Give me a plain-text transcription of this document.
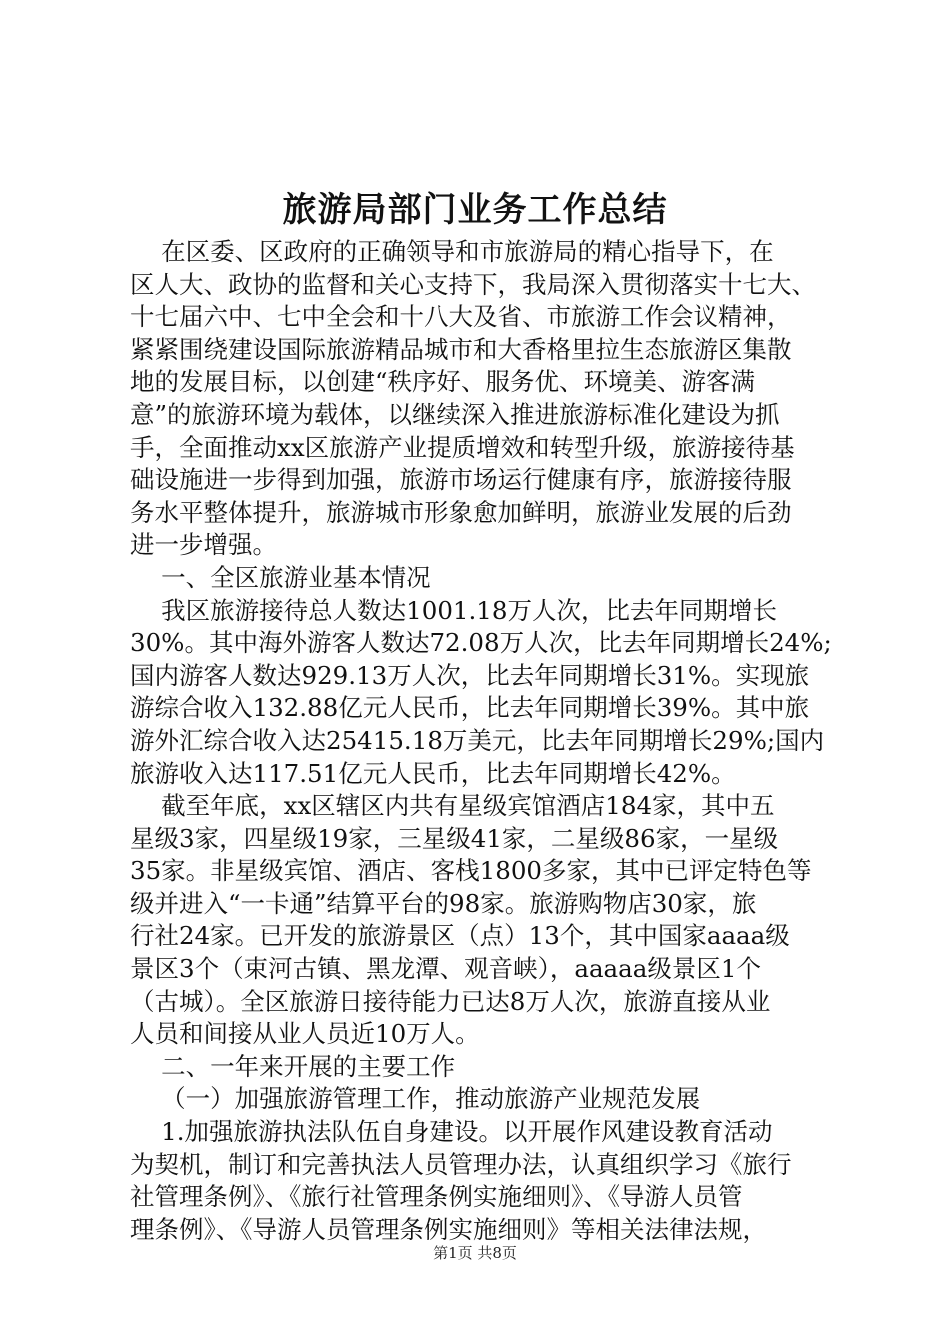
旅游局部门业务工作总结

在区委、区政府的正确领导和市旅游局的精心指导下，在

区人大、政协的监督和关心支持下，我局深入贯彻落实十七大、

十七届六中、七中全会和十八大及省、市旅游工作会议精神，

紧紧围绕建设国际旅游精品城市和大香格里拉生态旅游区集散

地的发展目标，以创建“秩序好、服务优、环境美、游客满

意”的旅游环境为载体，以继续深入推进旅游标准化建设为抓

手，全面推动xx区旅游产业提质增效和转型升级，旅游接待基

础设施进一步得到加强，旅游市场运行健康有序，旅游接待服

务水平整体提升，旅游城市形象愈加鲜明，旅游业发展的后劲

进一步增强。

一、全区旅游业基本情况

我区旅游接待总人数达1001.18万人次，比去年同期增长

30%。其中海外游客人数达72.08万人次，比去年同期增长24%;

国内游客人数达929.13万人次，比去年同期增长31%。实现旅

游综合收入132.88亿元人民币，比去年同期增长39%。其中旅

游外汇综合收入达25415.18万美元，比去年同期增长29%;国内

旅游收入达117.51亿元人民币，比去年同期增长42%。

截至年底，xx区辖区内共有星级宾馆酒店184家，其中五

星级3家，四星级19家，三星级41家，二星级86家，一星级

35家。非星级宾馆、酒店、客栈1800多家，其中已评定特色等

级并进入“一卡通”结算平台的98家。旅游购物店30家，旅

行社24家。已开发的旅游景区（点）13个，其中国家aaaa级

景区3个（束河古镇、黑龙潭、观音峡），aaaaa级景区1个

（古城）。全区旅游日接待能力已达8万人次，旅游直接从业

人员和间接从业人员近10万人。

二、一年来开展的主要工作

（一）加强旅游管理工作，推动旅游产业规范发展

1.加强旅游执法队伍自身建设。以开展作风建设教育活动

为契机，制订和完善执法人员管理办法，认真组织学习《旅行

社管理条例》、《旅行社管理条例实施细则》、《导游人员管

理条例》、《导游人员管理条例实施细则》等相关法律法规，

第1页 共8页
